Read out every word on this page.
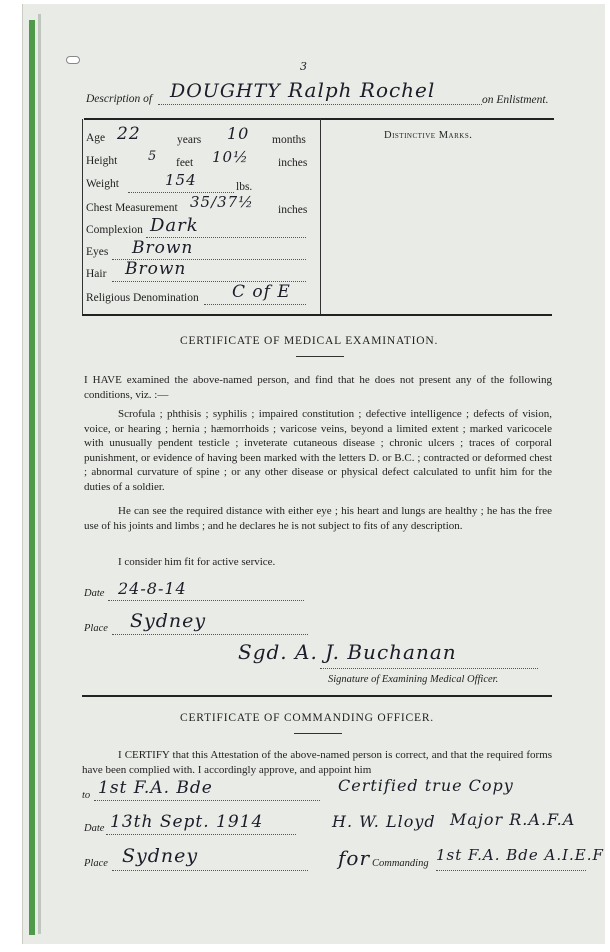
Description of DOUGHTY
3
Ralph Rochel	on Enlistment.
Distinctive Marks.
Age 22	years 10 months
Height 5 feet 10½	inches
Weight	154	lbs.
Chest Measurement 35/37½ inches
Complexion Dark
Eyes Brown
Hair Brown
Religious Denomination C of E
CERTIFICATE OF MEDICAL EXAMINATION.
I HAVE examined the above-named person, and find that he does not present any of the following conditions, viz. :—
Scrofula ; phthisis ; syphilis ; impaired constitution ; defective intelligence ; defects of vision, voice, or hearing ; hernia ; hæmorrhoids ; varicose veins, beyond a limited extent ; marked varicocele with unusually pendent testicle ; inveterate cutaneous disease ; chronic ulcers ; traces of corporal punishment, or evidence of having been marked with the letters D. or B.C. ; contracted or deformed chest ; abnormal curvature of spine ; or any other disease or physical defect calculated to unfit him for the duties of a soldier.
He can see the required distance with either eye ; his heart and lungs are healthy ; he has the free use of his joints and limbs ; and he declares he is not subject to fits of any description.
I consider him fit for active service.
Date 24-8-14
Place Sydney
Sgd. A. J. Buchanan
Signature of Examining Medical Officer.
CERTIFICATE OF COMMANDING OFFICER.
I CERTIFY that this Attestation of the above-named person is correct, and that the required forms have been complied with. I accordingly approve, and appoint him
to 1st F.A. Bde	Certified true Copy
Date 13th Sept. 1914	H. W. Lloyd Major R.A.F.A
Place Sydney	for Commanding 1st F.A. Bde A.I.E.F
